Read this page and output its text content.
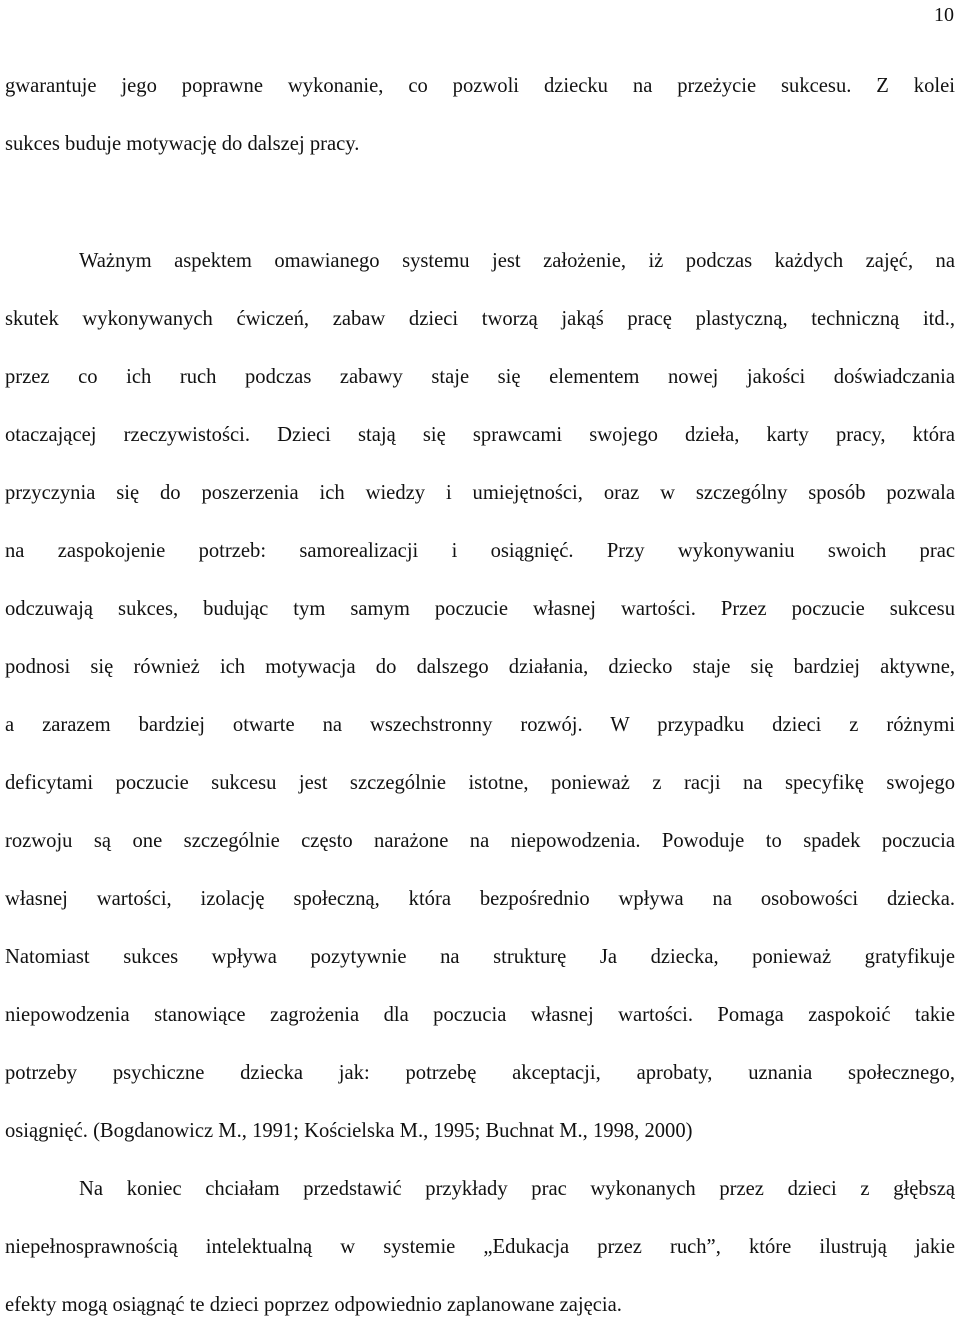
10
gwarantuje jego poprawne wykonanie, co pozwoli dziecku na przeżycie sukcesu. Z kolei
sukces buduje motywację do dalszej pracy.
Ważnym aspektem omawianego systemu jest założenie, iż podczas każdych zajęć, na
skutek wykonywanych ćwiczeń, zabaw dzieci tworzą jakąś pracę plastyczną, techniczną itd.,
przez co ich ruch podczas zabawy staje się elementem nowej jakości doświadczania
otaczającej rzeczywistości. Dzieci stają się sprawcami swojego dzieła, karty pracy, która
przyczynia się do poszerzenia ich wiedzy i umiejętności, oraz w szczególny sposób pozwala
na zaspokojenie potrzeb: samorealizacji i osiągnięć. Przy wykonywaniu swoich prac
odczuwają sukces, budując tym samym poczucie własnej wartości. Przez poczucie sukcesu
podnosi się również ich motywacja do dalszego działania, dziecko staje się bardziej aktywne,
a zarazem bardziej otwarte na wszechstronny rozwój. W przypadku dzieci z różnymi
deficytami poczucie sukcesu jest szczególnie istotne, ponieważ z racji na specyfikę swojego
rozwoju są one szczególnie często narażone na niepowodzenia. Powoduje to spadek poczucia
własnej wartości, izolację społeczną, która bezpośrednio wpływa na osobowości dziecka.
Natomiast sukces wpływa pozytywnie na strukturę Ja dziecka, ponieważ gratyfikuje
niepowodzenia stanowiące zagrożenia dla poczucia własnej wartości. Pomaga zaspokoić takie
potrzeby psychiczne dziecka jak: potrzebę akceptacji, aprobaty, uznania społecznego,
osiągnięć. (Bogdanowicz M., 1991; Kościelska M., 1995; Buchnat M., 1998, 2000)
Na koniec chciałam przedstawić przykłady prac wykonanych przez dzieci z głębszą
niepełnosprawnością intelektualną w systemie „Edukacja przez ruch”, które ilustrują jakie
efekty mogą osiągnąć te dzieci poprzez odpowiednio zaplanowane zajęcia.
